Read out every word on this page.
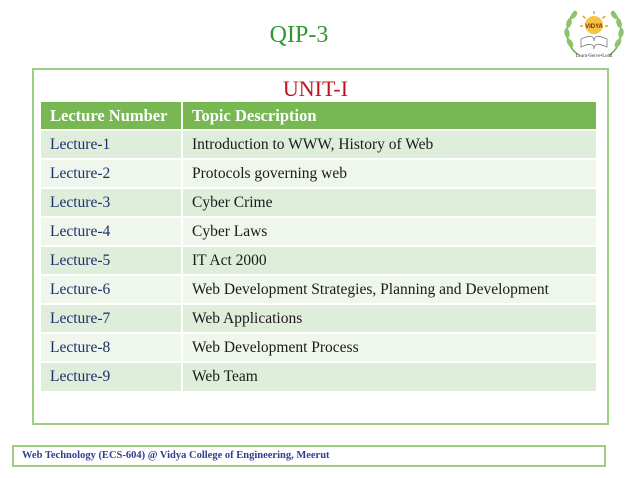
QIP-3	VIDYA
Learn•Serve•Lead
UNIT-I
Lecture Number	Topic Description
Lecture-1	Introduction to WWW, History of Web
Lecture-2	Protocols governing web
Lecture-3	Cyber Crime
Lecture-4	Cyber Laws
Lecture-5	IT Act 2000
Lecture-6	Web Development Strategies, Planning and Development
Lecture-7	Web Applications
Lecture-8	Web Development Process
Lecture-9	Web Team
Web Technology (ECS-604) @ Vidya College of Engineering, Meerut
